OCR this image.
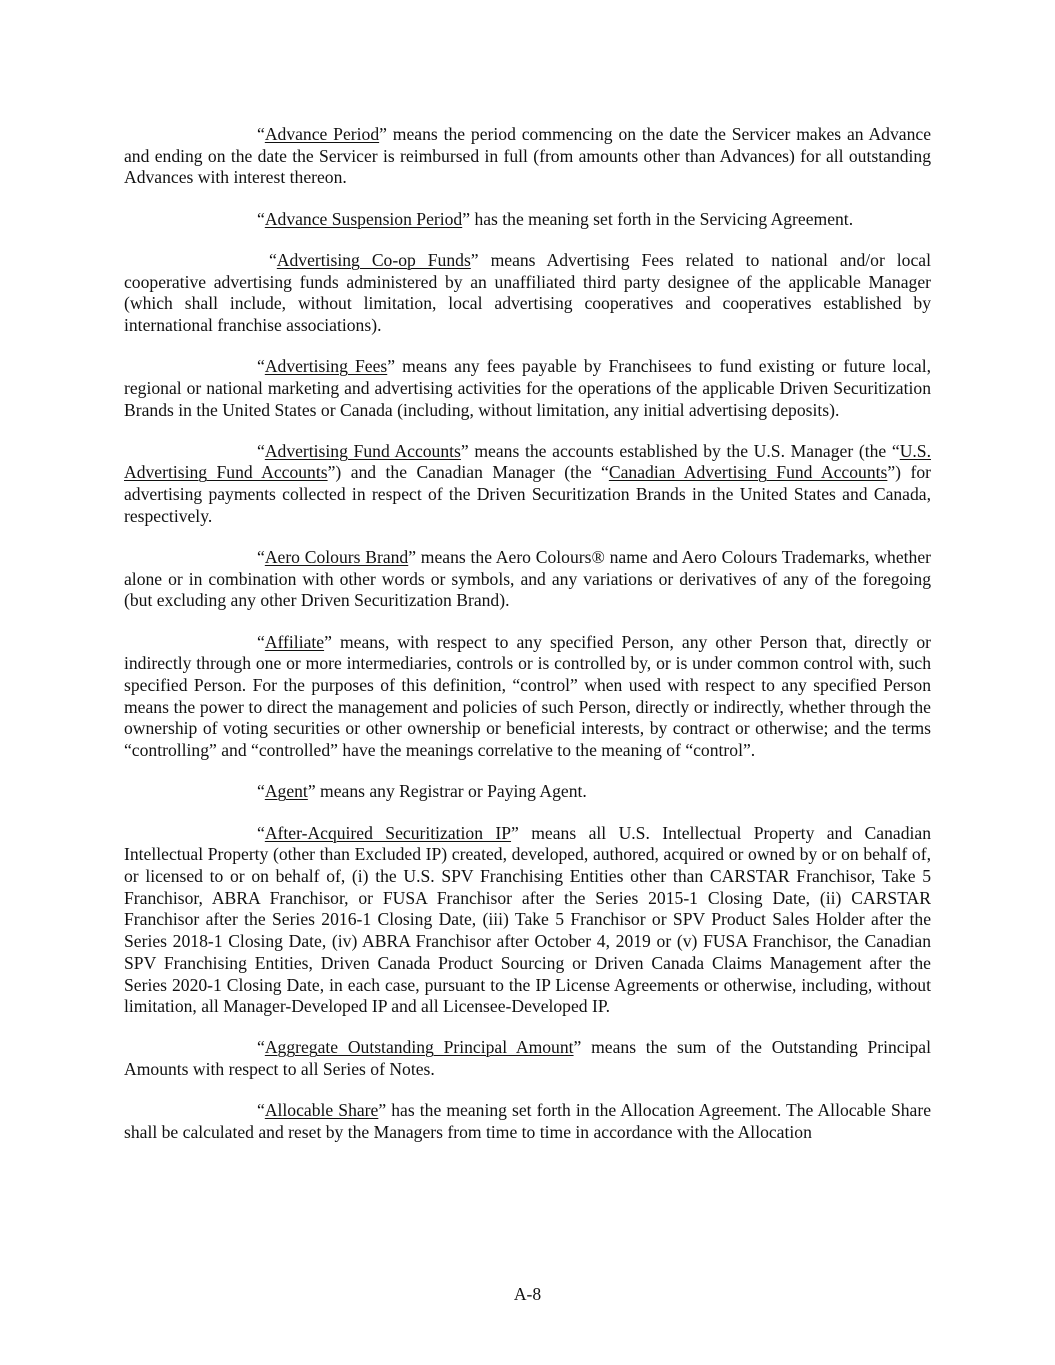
“Advance Period” means the period commencing on the date the Servicer makes an Advance and ending on the date the Servicer is reimbursed in full (from amounts other than Advances) for all outstanding Advances with interest thereon.

“Advance Suspension Period” has the meaning set forth in the Servicing Agreement.

“Advertising Co-op Funds” means Advertising Fees related to national and/or local cooperative advertising funds administered by an unaffiliated third party designee of the applicable Manager (which shall include, without limitation, local advertising cooperatives and cooperatives established by international franchise associations).

“Advertising Fees” means any fees payable by Franchisees to fund existing or future local, regional or national marketing and advertising activities for the operations of the applicable Driven Securitization Brands in the United States or Canada (including, without limitation, any initial advertising deposits).

“Advertising Fund Accounts” means the accounts established by the U.S. Manager (the “U.S. Advertising Fund Accounts”) and the Canadian Manager (the “Canadian Advertising Fund Accounts”) for advertising payments collected in respect of the Driven Securitization Brands in the United States and Canada, respectively.

“Aero Colours Brand” means the Aero Colours® name and Aero Colours Trademarks, whether alone or in combination with other words or symbols, and any variations or derivatives of any of the foregoing (but excluding any other Driven Securitization Brand).

“Affiliate” means, with respect to any specified Person, any other Person that, directly or indirectly through one or more intermediaries, controls or is controlled by, or is under common control with, such specified Person. For the purposes of this definition, “control” when used with respect to any specified Person means the power to direct the management and policies of such Person, directly or indirectly, whether through the ownership of voting securities or other ownership or beneficial interests, by contract or otherwise; and the terms “controlling” and “controlled” have the meanings correlative to the meaning of “control”.

“Agent” means any Registrar or Paying Agent.

“After-Acquired Securitization IP” means all U.S. Intellectual Property and Canadian Intellectual Property (other than Excluded IP) created, developed, authored, acquired or owned by or on behalf of, or licensed to or on behalf of, (i) the U.S. SPV Franchising Entities other than CARSTAR Franchisor, Take 5 Franchisor, ABRA Franchisor, or FUSA Franchisor after the Series 2015-1 Closing Date, (ii) CARSTAR Franchisor after the Series 2016-1 Closing Date, (iii) Take 5 Franchisor or SPV Product Sales Holder after the Series 2018-1 Closing Date, (iv) ABRA Franchisor after October 4, 2019 or (v) FUSA Franchisor, the Canadian SPV Franchising Entities, Driven Canada Product Sourcing or Driven Canada Claims Management after the Series 2020-1 Closing Date, in each case, pursuant to the IP License Agreements or otherwise, including, without limitation, all Manager-Developed IP and all Licensee-Developed IP.

“Aggregate Outstanding Principal Amount” means the sum of the Outstanding Principal Amounts with respect to all Series of Notes.

“Allocable Share” has the meaning set forth in the Allocation Agreement. The Allocable Share shall be calculated and reset by the Managers from time to time in accordance with the Allocation

A-8
